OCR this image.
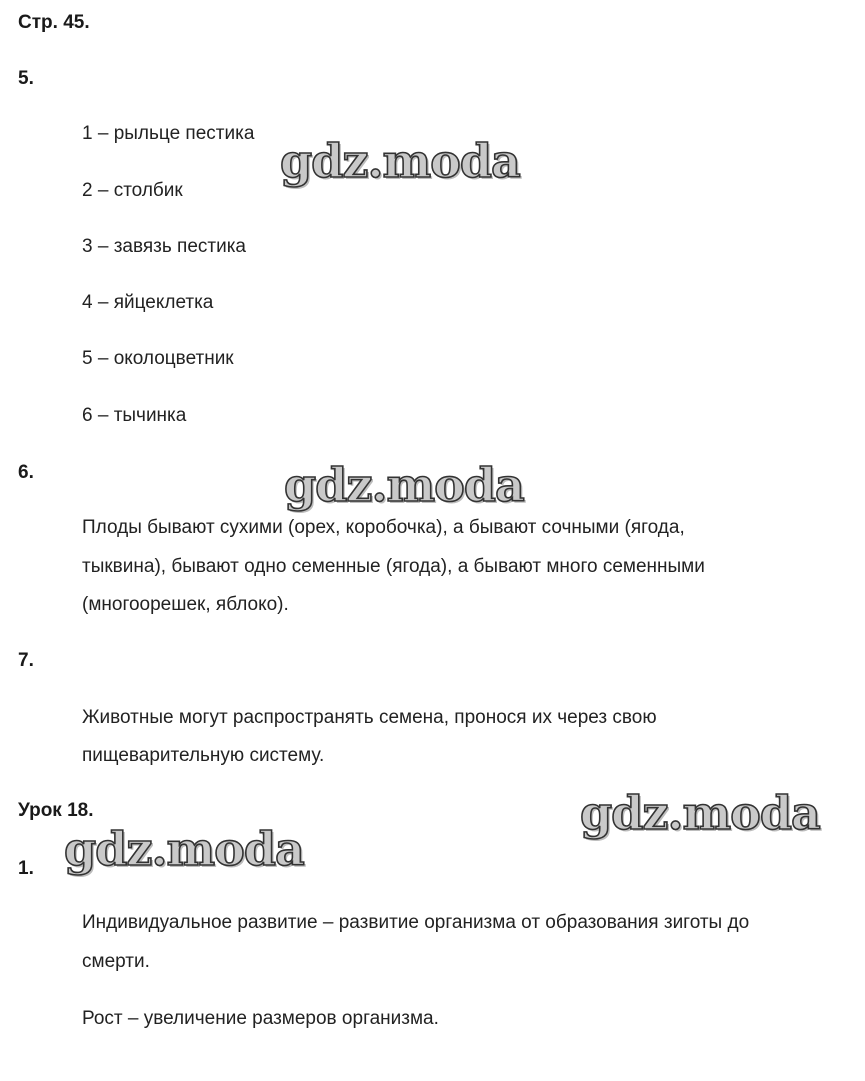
Стр. 45.
5.
1 – рыльце пестика
2 – столбик
3 – завязь пестика
4 – яйцеклетка
5 – околоцветник
6 – тычинка
6.
Плоды бывают сухими (орех, коробочка), а бывают сочными (ягода,
тыквина), бывают одно семенные (ягода), а бывают много семенными
(многоорешек, яблоко).
7.
Животные могут распространять семена, пронося их через свою
пищеварительную систему.
Урок 18.
1.
Индивидуальное развитие – развитие организма от образования зиготы до
смерти.
Рост – увеличение размеров организма.
gdz.moda
gdz.moda
gdz.moda
gdz.moda
